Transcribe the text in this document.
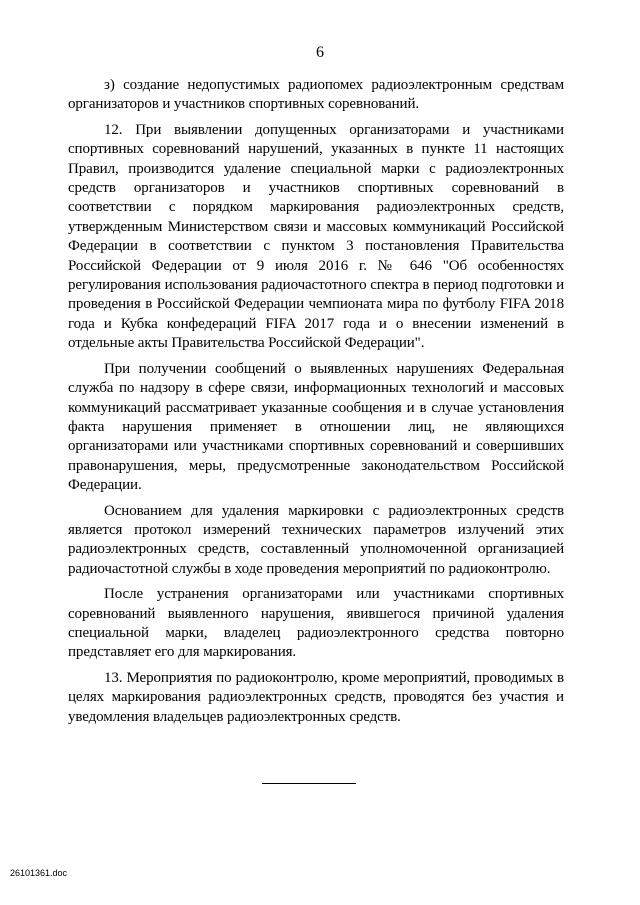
6

з) создание недопустимых радиопомех радиоэлектронным средствам организаторов и участников спортивных соревнований.

12. При выявлении допущенных организаторами и участниками спортивных соревнований нарушений, указанных в пункте 11 настоящих Правил, производится удаление специальной марки с радиоэлектронных средств организаторов и участников спортивных соревнований в соответствии с порядком маркирования радиоэлектронных средств, утвержденным Министерством связи и массовых коммуникаций Российской Федерации в соответствии с пунктом 3 постановления Правительства Российской Федерации от 9 июля 2016 г. № 646 "Об особенностях регулирования использования радиочастотного спектра в период подготовки и проведения в Российской Федерации чемпионата мира по футболу FIFA 2018 года и Кубка конфедераций FIFA 2017 года и о внесении изменений в отдельные акты Правительства Российской Федерации".

При получении сообщений о выявленных нарушениях Федеральная служба по надзору в сфере связи, информационных технологий и массовых коммуникаций рассматривает указанные сообщения и в случае установления факта нарушения применяет в отношении лиц, не являющихся организаторами или участниками спортивных соревнований и совершивших правонарушения, меры, предусмотренные законодательством Российской Федерации.

Основанием для удаления маркировки с радиоэлектронных средств является протокол измерений технических параметров излучений этих радиоэлектронных средств, составленный уполномоченной организацией радиочастотной службы в ходе проведения мероприятий по радиоконтролю.

После устранения организаторами или участниками спортивных соревнований выявленного нарушения, явившегося причиной удаления специальной марки, владелец радиоэлектронного средства повторно представляет его для маркирования.

13. Мероприятия по радиоконтролю, кроме мероприятий, проводимых в целях маркирования радиоэлектронных средств, проводятся без участия и уведомления владельцев радиоэлектронных средств.

26101361.doc
